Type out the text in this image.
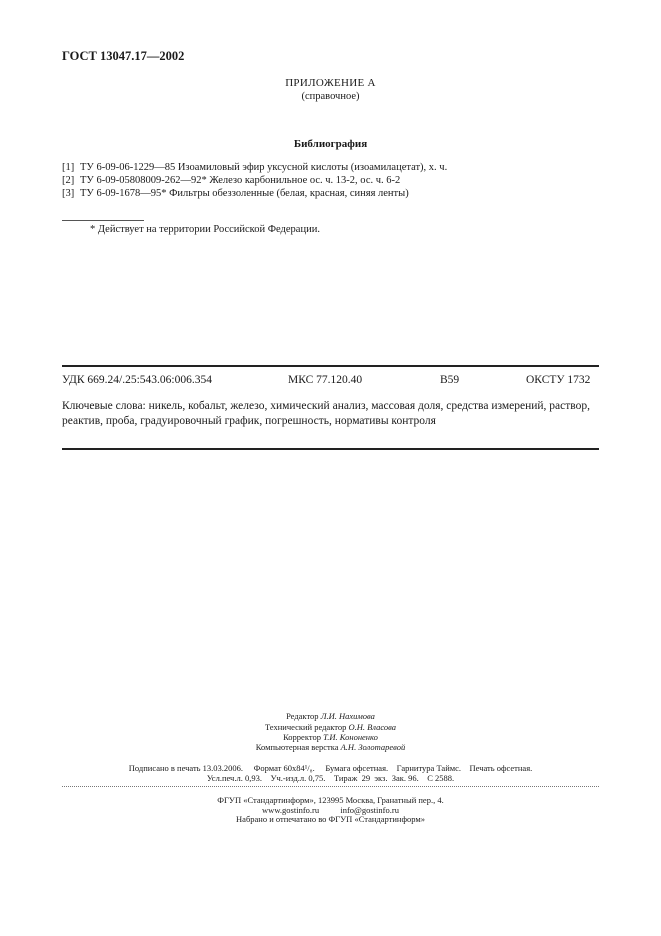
ГОСТ 13047.17—2002
ПРИЛОЖЕНИЕ А
(справочное)
Библиография
[1] ТУ 6-09-06-1229—85 Изоамиловый эфир уксусной кислоты (изоамилацетат), х. ч.
[2] ТУ 6-09-05808009-262—92* Железо карбонильное ос. ч. 13-2, ос. ч. 6-2
[3] ТУ 6-09-1678—95* Фильтры обеззоленные (белая, красная, синяя ленты)
* Действует на территории Российской Федерации.
УДК 669.24/.25:543.06:006.354	МКС 77.120.40	В59	ОКСТУ 1732
Ключевые слова: никель, кобальт, железо, химический анализ, массовая доля, средства измерений, раствор, реактив, проба, градуировочный график, погрешность, нормативы контроля
Редактор Л.И. Нахимова
Технический редактор О.Н. Власова
Корректор Т.И. Кононенко
Компьютерная верстка А.Н. Золотаревой
Подписано в печать 13.03.2006.     Формат 60x84¹/₈.     Бумага офсетная.    Гарнитура Таймс.    Печать офсетная.
Усл.печ.л. 0,93.    Уч.-изд.л. 0,75.    Тираж  29  экз.  Зак. 96.    С 2588.
ФГУП «Стандартинформ», 123995 Москва, Гранатный пер., 4.
www.gostinfo.ru          info@gostinfo.ru
Набрано и отпечатано во ФГУП «Стандартинформ»
